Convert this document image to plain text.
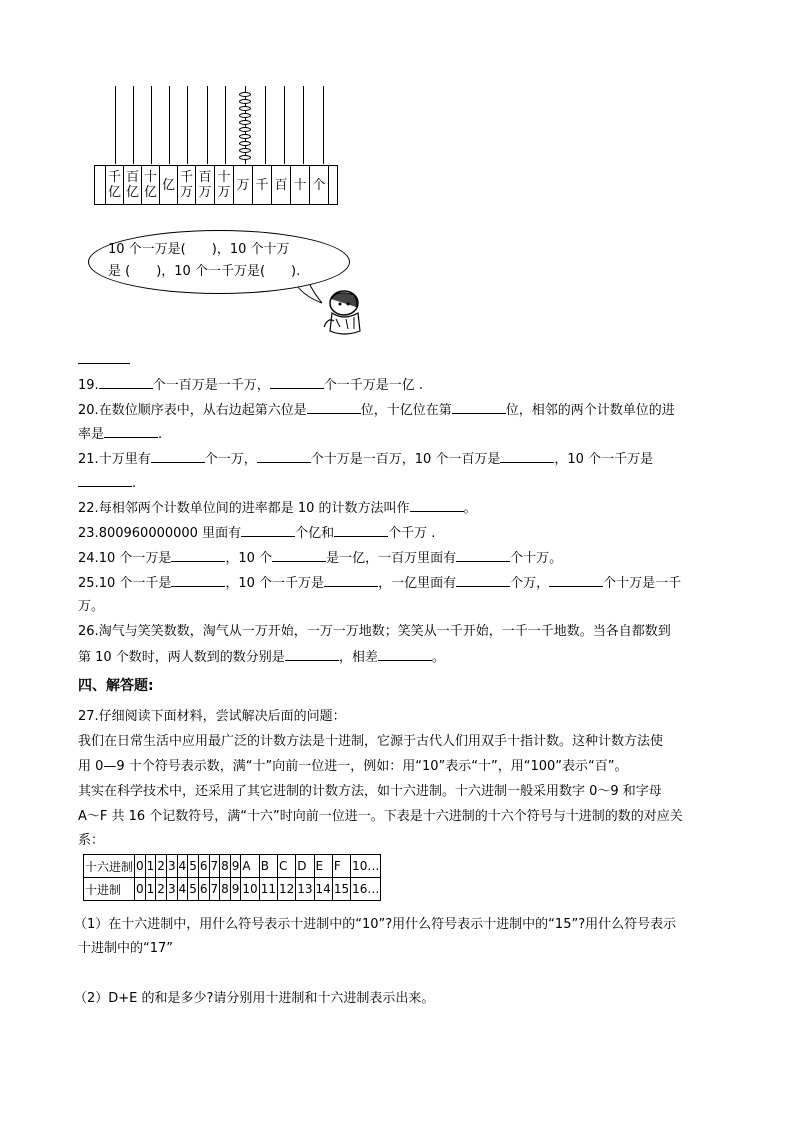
	千亿	百亿	十亿	亿	千万	百万	十万	万	千	百	十	个	
10 个一万是(　　)，10 个十万
是 (　　)，10 个一千万是(　　).
19.	个一百万是一千万，	个一千万是一亿 .
20.在数位顺序表中，从右边起第六位是	位，十亿位在第	位，相邻的两个计数单位的进
率是	.
21.十万里有	个一万，	个十万是一百万，10 个一百万是	，10 个一千万是
.
22.每相邻两个计数单位间的进率都是 10 的计数方法叫作	。
23.800960000000 里面有	个亿和	个千万 .
24.10 个一万是	，10 个	是一亿，一百万里面有	个十万。
25.10 个一千是	，10 个一千万是	，一亿里面有	个万，	个十万是一千
万。
26.淘气与笑笑数数，淘气从一万开始，一万一万地数；笑笑从一千开始，一千一千地数。当各自都数到
第 10 个数时，两人数到的数分别是	，相差	。
四、解答题:
27.仔细阅读下面材料，尝试解决后面的问题：
我们在日常生活中应用最广泛的计数方法是十进制，它源于古代人们用双手十指计数。这种计数方法使
用 0—9 十个符号表示数，满“十”向前一位进一，例如：用“10”表示“十”，用“100”表示“百”。
其实在科学技术中，还采用了其它进制的计数方法，如十六进制。十六进制一般采用数字 0～9 和字母
A～F 共 16 个记数符号，满“十六”时向前一位进一。下表是十六进制的十六个符号与十进制的数的对应关
系：
十六进制	0	1	2	3	4	5	6	7	8	9	A	B	C	D	E	F	10…
十进制	0	1	2	3	4	5	6	7	8	9	10	11	12	13	14	15	16…
（1）在十六进制中，用什么符号表示十进制中的“10”?用什么符号表示十进制中的“15”?用什么符号表示
十进制中的“17”
（2）D+E 的和是多少?请分别用十进制和十六进制表示出来。
